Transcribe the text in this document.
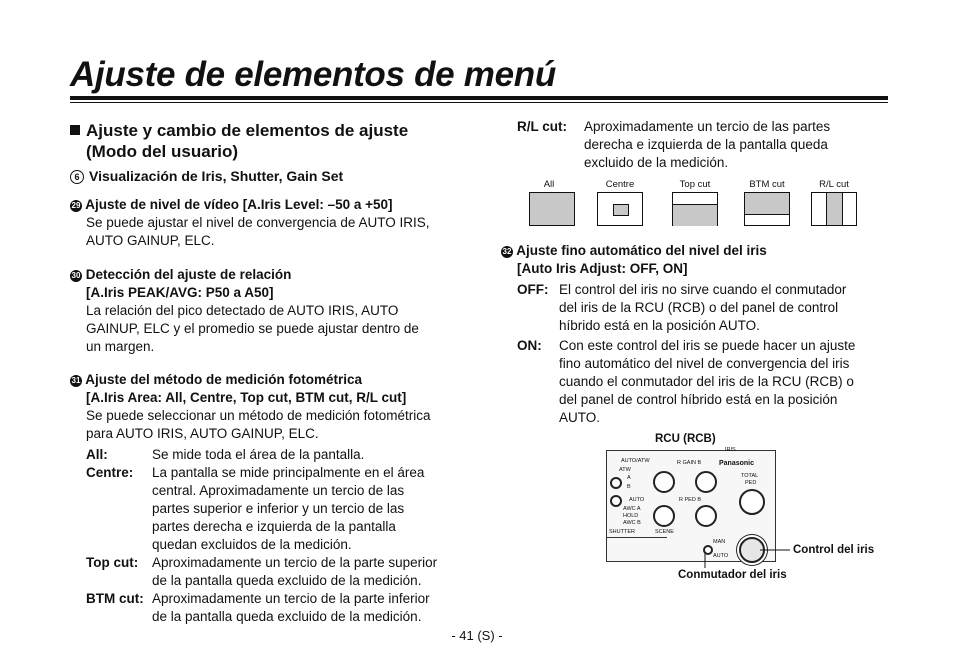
Ajuste de elementos de menú
Ajuste y cambio de elementos de ajuste
(Modo del usuario)
6 Visualización de Iris, Shutter, Gain Set
29 Ajuste de nivel de vídeo [A.Iris Level: –50 a +50]
Se puede ajustar el nivel de convergencia de AUTO IRIS,
AUTO GAINUP, ELC.
30 Detección del ajuste de relación
[A.Iris PEAK/AVG: P50 a A50]
La relación del pico detectado de AUTO IRIS, AUTO
GAINUP, ELC y el promedio se puede ajustar dentro de
un margen.
31 Ajuste del método de medición fotométrica
[A.Iris Area: All, Centre, Top cut, BTM cut, R/L cut]
Se puede seleccionar un método de medición fotométrica
para AUTO IRIS, AUTO GAINUP, ELC.
All:	Se mide toda el área de la pantalla.
Centre: La pantalla se mide principalmente en el área
central. Aproximadamente un tercio de las
partes superior e inferior y un tercio de las
partes derecha e izquierda de la pantalla
quedan excluidos de la medición.
Top cut: Aproximadamente un tercio de la parte superior
de la pantalla queda excluido de la medición.
BTM cut: Aproximadamente un tercio de la parte inferior
de la pantalla queda excluido de la medición.
R/L cut: Aproximadamente un tercio de las partes
derecha e izquierda de la pantalla queda
excluido de la medición.
All	Centre	Top cut	BTM cut	R/L cut
32 Ajuste fino automático del nivel del iris
[Auto Iris Adjust: OFF, ON]
OFF: El control del iris no sirve cuando el conmutador
del iris de la RCU (RCB) o del panel de control
híbrido está en la posición AUTO.
ON: Con este control del iris se puede hacer un ajuste
fino automático del nivel de convergencia del iris
cuando el conmutador del iris de la RCU (RCB) o
del panel de control híbrido está en la posición
AUTO.
RCU (RCB)
AUTO/ATW	R GAIN B	Panasonic
ATW
A
B
TOTAL
PED
AUTO	R PED B
AWC A
HOLD
AWC B
SHUTTER	SCENE
IRIS
MAN
AUTO	Control del iris
Conmutador del iris
- 41 (S) -
